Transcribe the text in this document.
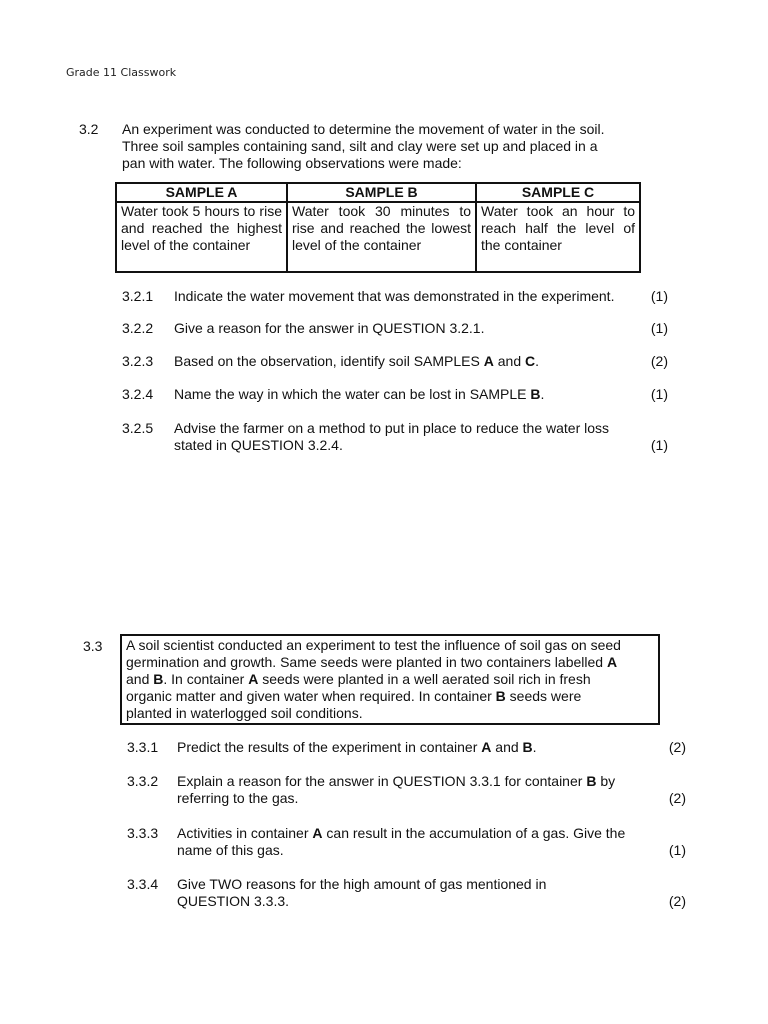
Grade 11 Classwork
3.2 An experiment was conducted to determine the movement of water in the soil.
Three soil samples containing sand, silt and clay were set up and placed in a
pan with water. The following observations were made:
SAMPLE A	SAMPLE B	SAMPLE C
Water took 5 hours to rise and reached the highest level of the container	Water took 30 minutes to rise and reached the lowest level of the container	Water took an hour to reach half the level of the container
3.2.1 Indicate the water movement that was demonstrated in the experiment.	(1)
3.2.2 Give a reason for the answer in QUESTION 3.2.1.	(1)
3.2.3 Based on the observation, identify soil SAMPLES A and C.	(2)
3.2.4 Name the way in which the water can be lost in SAMPLE B.	(1)
3.2.5 Advise the farmer on a method to put in place to reduce the water loss
stated in QUESTION 3.2.4.	(1)
3.3 A soil scientist conducted an experiment to test the influence of soil gas on seed
germination and growth. Same seeds were planted in two containers labelled A
and B. In container A seeds were planted in a well aerated soil rich in fresh
organic matter and given water when required. In container B seeds were
planted in waterlogged soil conditions.
3.3.1 Predict the results of the experiment in container A and B.	(2)
3.3.2 Explain a reason for the answer in QUESTION 3.3.1 for container B by
referring to the gas.	(2)
3.3.3 Activities in container A can result in the accumulation of a gas. Give the
name of this gas.	(1)
3.3.4 Give TWO reasons for the high amount of gas mentioned in
QUESTION 3.3.3.	(2)
